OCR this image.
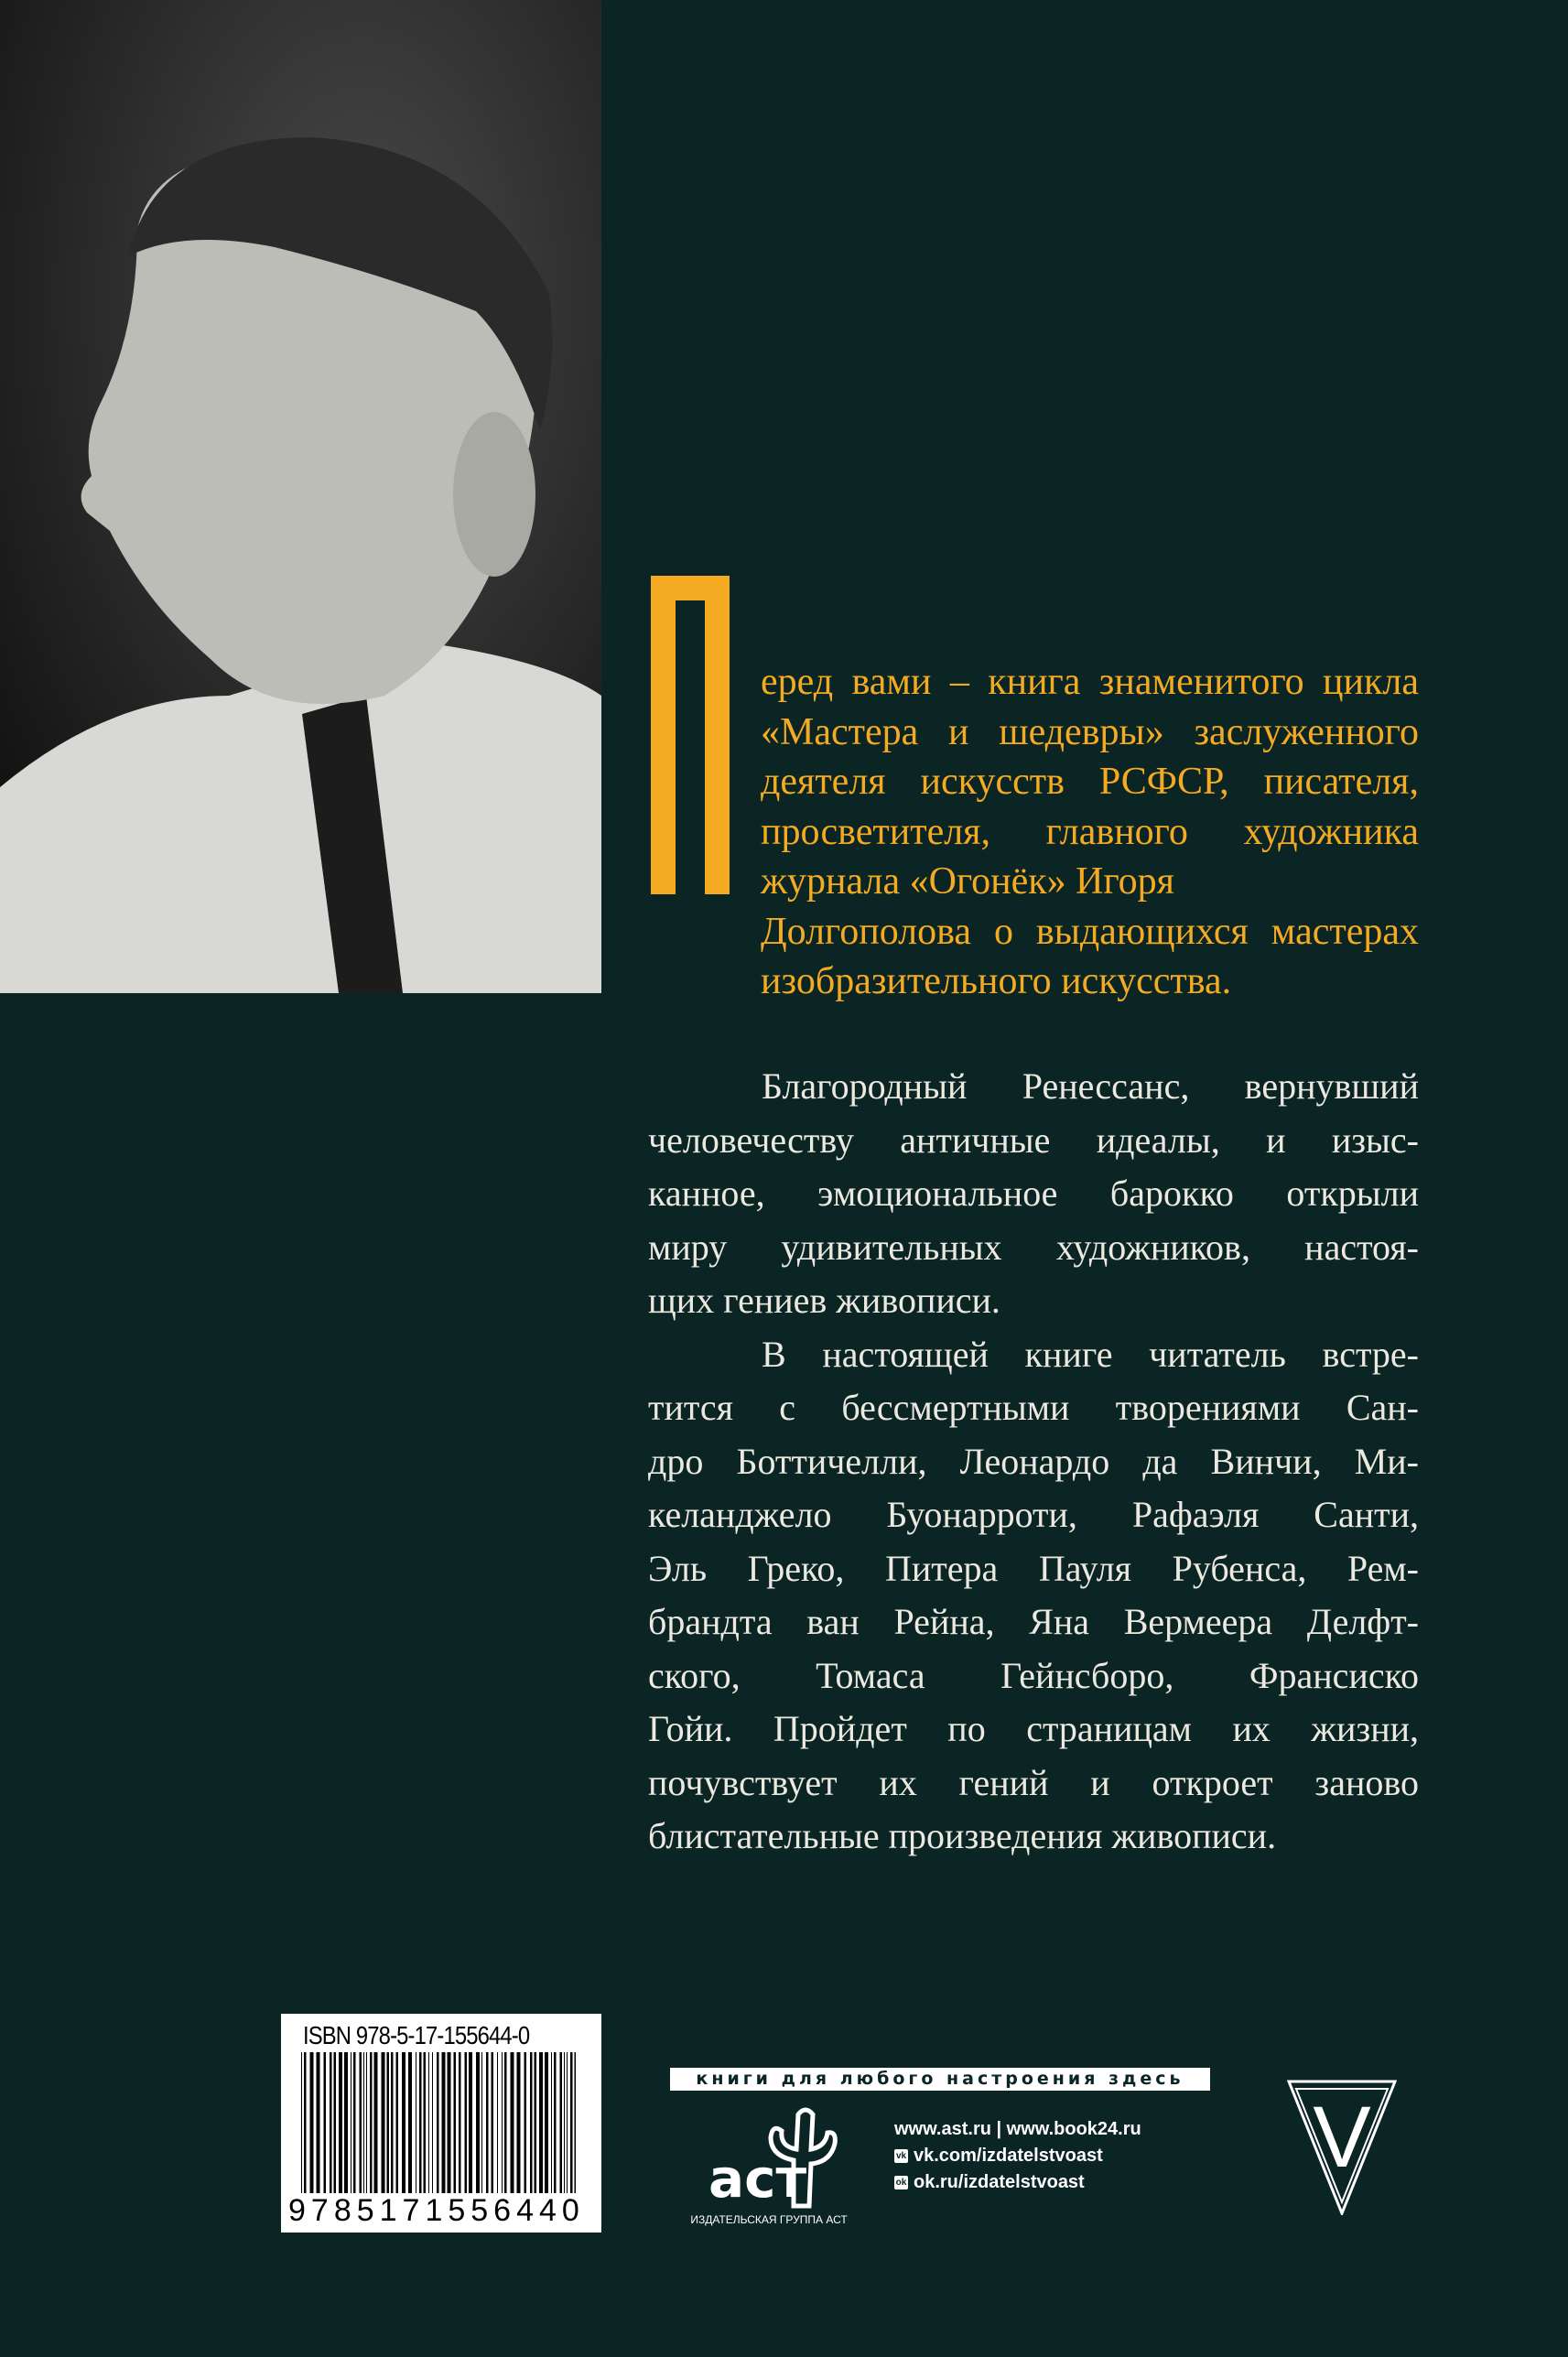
еред вами – книга знаменитого цикла
«Мастера и шедевры» заслуженного
деятеля искусств РСФСР, писателя,
просветителя, главного художника
журнала «Огонёк» Игоря
Долгополова о выдающихся мастерах
изобразительного искусства.
Благородный Ренессанс, вернувший
человечеству античные идеалы, и изыс-
канное, эмоциональное барокко открыли
миру удивительных художников, настоя-
щих гениев живописи.
В настоящей книге читатель встре-
тится с бессмертными творениями Сан-
дро Боттичелли, Леонардо да Винчи, Ми-
келанджело Буонарроти, Рафаэля Санти,
Эль Греко, Питера Пауля Рубенса, Рем-
брандта ван Рейна, Яна Вермеера Делфт-
ского, Томаса Гейнсборо, Франсиско
Гойи. Пройдет по страницам их жизни,
почувствует их гений и откроет заново
блистательные произведения живописи.
ISBN 978-5-17-155644-0
9785171556440
книги для любого настроения здесь
аст
ИЗДАТЕЛЬСКАЯ ГРУППА АСТ
www.ast.ru | www.book24.ru
vk vk.com/izdatelstvoast
ok ok.ru/izdatelstvoast	V
